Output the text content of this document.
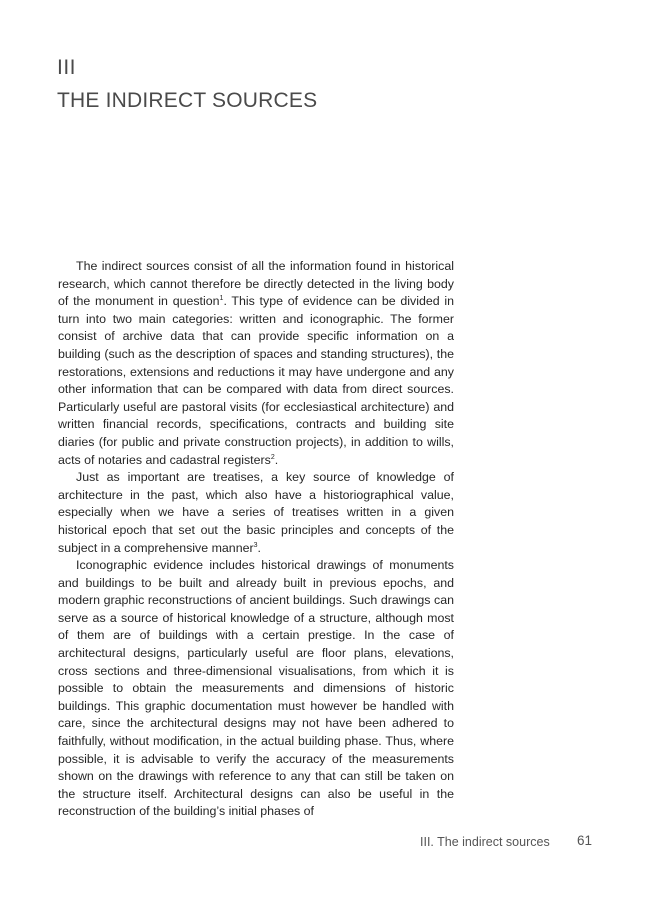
III
THE INDIRECT SOURCES

The indirect sources consist of all the information found in historical research, which cannot therefore be directly detected in the living body of the monument in question$^1$. This type of evidence can be divided in turn into two main categories: written and iconographic. The former consist of archive data that can provide specific information on a building (such as the description of spaces and standing structures), the restorations, extensions and reductions it may have undergone and any other information that can be compared with data from direct sources. Particularly useful are pastoral visits (for ecclesiastical architecture) and written financial records, specifications, contracts and building site diaries (for public and private construction projects), in addition to wills, acts of notaries and cadastral registers$^2$.

Just as important are treatises, a key source of knowledge of architecture in the past, which also have a historiographical value, especially when we have a series of treatises written in a given historical epoch that set out the basic principles and concepts of the subject in a comprehensive manner$^3$.

Iconographic evidence includes historical drawings of monuments and buildings to be built and already built in previous epochs, and modern graphic reconstructions of ancient buildings. Such drawings can serve as a source of historical knowledge of a structure, although most of them are of buildings with a certain prestige. In the case of architectural designs, particularly useful are floor plans, elevations, cross sections and three-dimensional visualisations, from which it is possible to obtain the measurements and dimensions of historic buildings. This graphic documentation must however be handled with care, since the architectural designs may not have been adhered to faithfully, without modification, in the actual building phase. Thus, where possible, it is advisable to verify the accuracy of the measurements shown on the drawings with reference to any that can still be taken on the structure itself. Architectural designs can also be useful in the reconstruction of the building’s initial phases of

III. The indirect sources 61
